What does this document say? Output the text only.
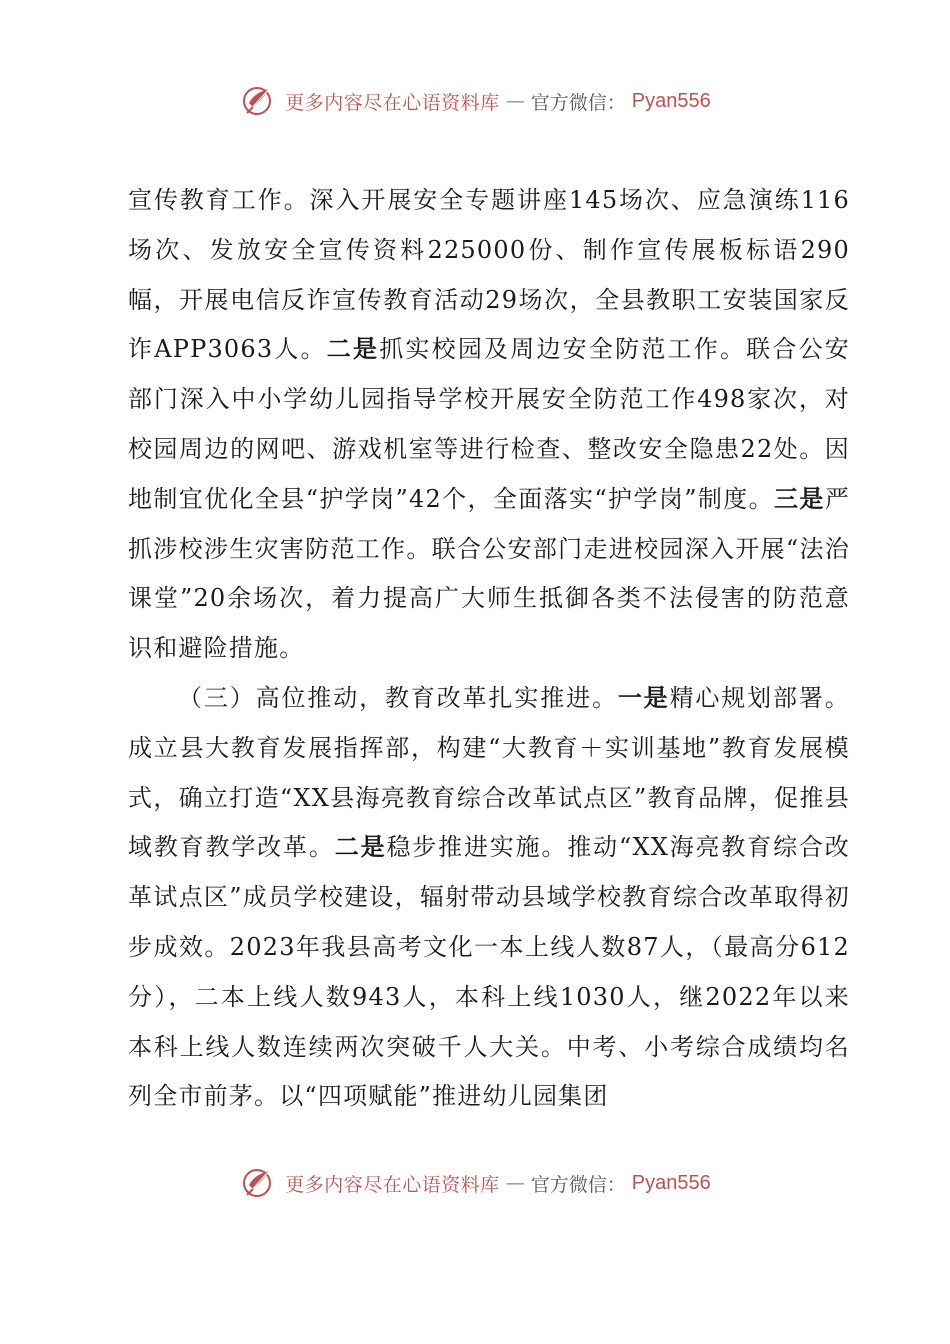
更多内容尽在心语资料库 — 官方微信： Pyan556

宣传教育工作。深入开展安全专题讲座145场次、应急演练116场次、发放安全宣传资料225000份、制作宣传展板标语290幅，开展电信反诈宣传教育活动29场次，全县教职工安装国家反诈APP3063人。二是抓实校园及周边安全防范工作。联合公安部门深入中小学幼儿园指导学校开展安全防范工作498家次，对校园周边的网吧、游戏机室等进行检查、整改安全隐患22处。因地制宜优化全县“护学岗”42个，全面落实“护学岗”制度。三是严抓涉校涉生灾害防范工作。联合公安部门走进校园深入开展“法治课堂”20余场次，着力提高广大师生抵御各类不法侵害的防范意识和避险措施。

（三）高位推动，教育改革扎实推进。一是精心规划部署。成立县大教育发展指挥部，构建“大教育＋实训基地”教育发展模式，确立打造“XX县海亮教育综合改革试点区”教育品牌，促推县域教育教学改革。二是稳步推进实施。推动“XX海亮教育综合改革试点区”成员学校建设，辐射带动县域学校教育综合改革取得初步成效。2023年我县高考文化一本上线人数87人，（最高分612分），二本上线人数943人，本科上线1030人，继2022年以来本科上线人数连续两次突破千人大关。中考、小考综合成绩均名列全市前茅。以“四项赋能”推进幼儿园集团

更多内容尽在心语资料库 — 官方微信： Pyan556
